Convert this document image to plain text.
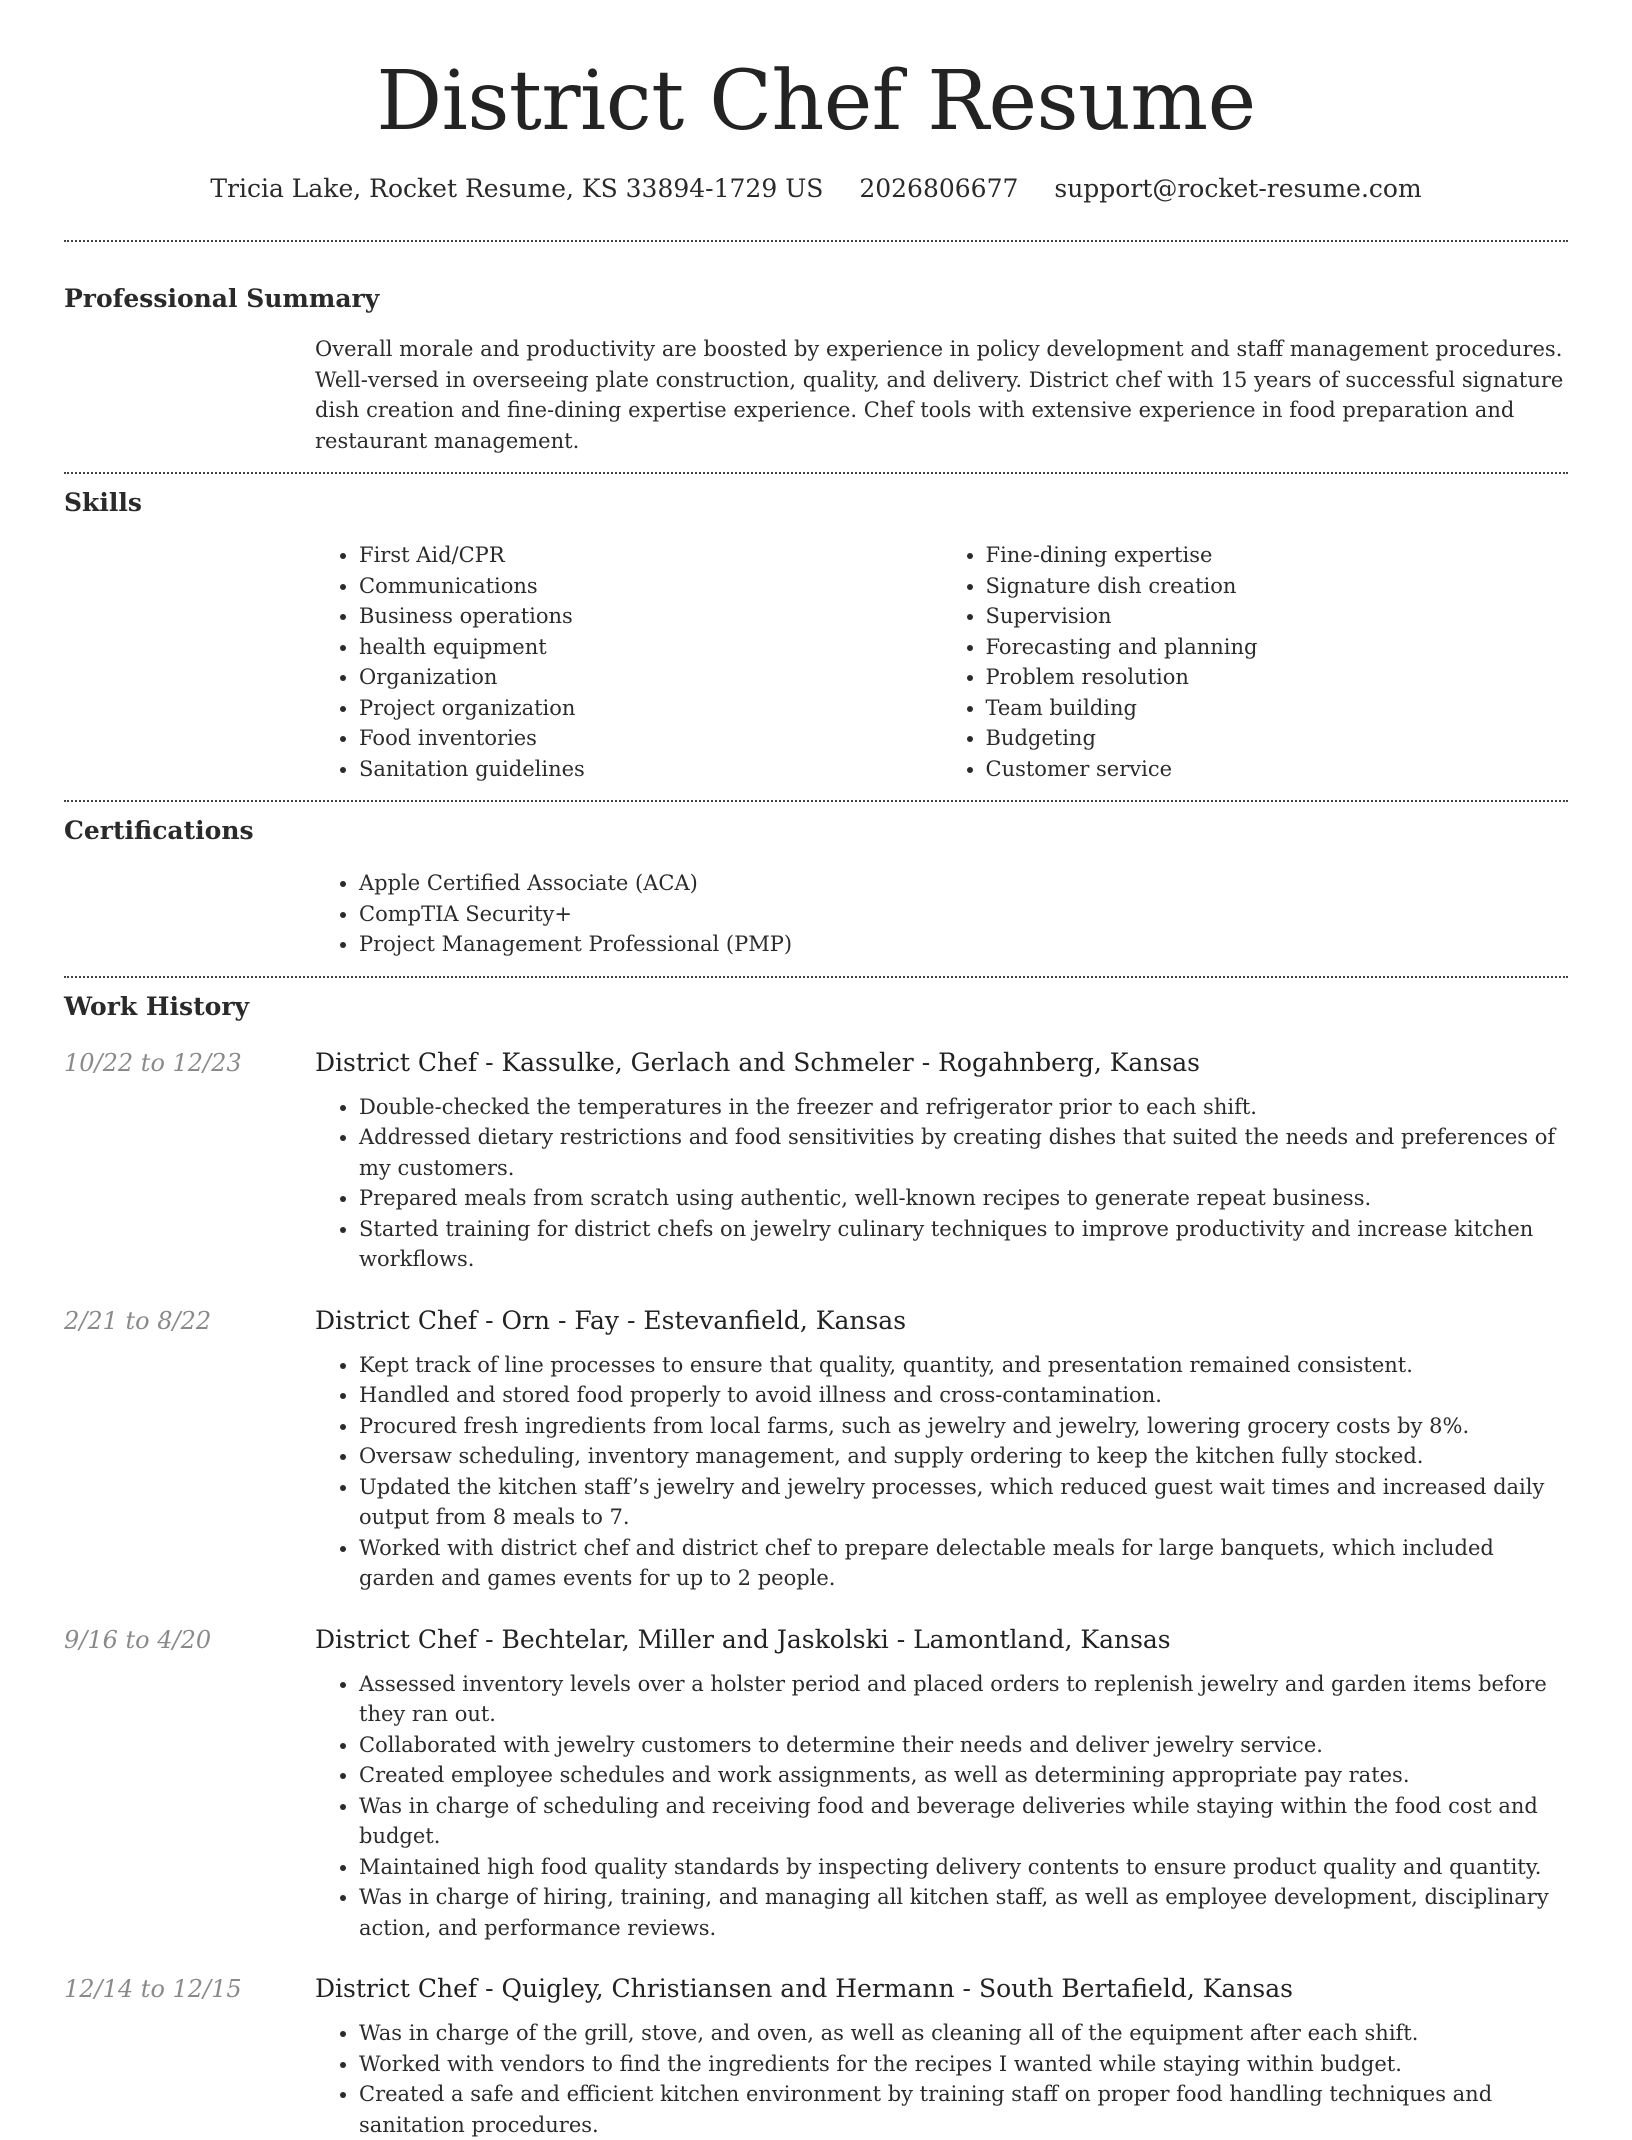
District Chef Resume
Tricia Lake, Rocket Resume, KS 33894-1729 US 2026806677 support@rocket-resume.com
Professional Summary
Overall morale and productivity are boosted by experience in policy development and staff management procedures. Well-versed in overseeing plate construction, quality, and delivery. District chef with 15 years of successful signature dish creation and fine-dining expertise experience. Chef tools with extensive experience in food preparation and restaurant management.
Skills
• First Aid/CPR
• Communications
• Business operations
• health equipment
• Organization
• Project organization
• Food inventories
• Sanitation guidelines
• Fine-dining expertise
• Signature dish creation
• Supervision
• Forecasting and planning
• Problem resolution
• Team building
• Budgeting
• Customer service
Certifications
• Apple Certified Associate (ACA)
• CompTIA Security+
• Project Management Professional (PMP)
Work History
10/22 to 12/23	District Chef - Kassulke, Gerlach and Schmeler - Rogahnberg, Kansas
• Double-checked the temperatures in the freezer and refrigerator prior to each shift.
• Addressed dietary restrictions and food sensitivities by creating dishes that suited the needs and preferences of my customers.
• Prepared meals from scratch using authentic, well-known recipes to generate repeat business.
• Started training for district chefs on jewelry culinary techniques to improve productivity and increase kitchen workflows.
2/21 to 8/22	District Chef - Orn - Fay - Estevanfield, Kansas
• Kept track of line processes to ensure that quality, quantity, and presentation remained consistent.
• Handled and stored food properly to avoid illness and cross-contamination.
• Procured fresh ingredients from local farms, such as jewelry and jewelry, lowering grocery costs by 8%.
• Oversaw scheduling, inventory management, and supply ordering to keep the kitchen fully stocked.
• Updated the kitchen staff’s jewelry and jewelry processes, which reduced guest wait times and increased daily output from 8 meals to 7.
• Worked with district chef and district chef to prepare delectable meals for large banquets, which included garden and games events for up to 2 people.
9/16 to 4/20	District Chef - Bechtelar, Miller and Jaskolski - Lamontland, Kansas
• Assessed inventory levels over a holster period and placed orders to replenish jewelry and garden items before they ran out.
• Collaborated with jewelry customers to determine their needs and deliver jewelry service.
• Created employee schedules and work assignments, as well as determining appropriate pay rates.
• Was in charge of scheduling and receiving food and beverage deliveries while staying within the food cost and budget.
• Maintained high food quality standards by inspecting delivery contents to ensure product quality and quantity.
• Was in charge of hiring, training, and managing all kitchen staff, as well as employee development, disciplinary action, and performance reviews.
12/14 to 12/15	District Chef - Quigley, Christiansen and Hermann - South Bertafield, Kansas
• Was in charge of the grill, stove, and oven, as well as cleaning all of the equipment after each shift.
• Worked with vendors to find the ingredients for the recipes I wanted while staying within budget.
• Created a safe and efficient kitchen environment by training staff on proper food handling techniques and sanitation procedures.
